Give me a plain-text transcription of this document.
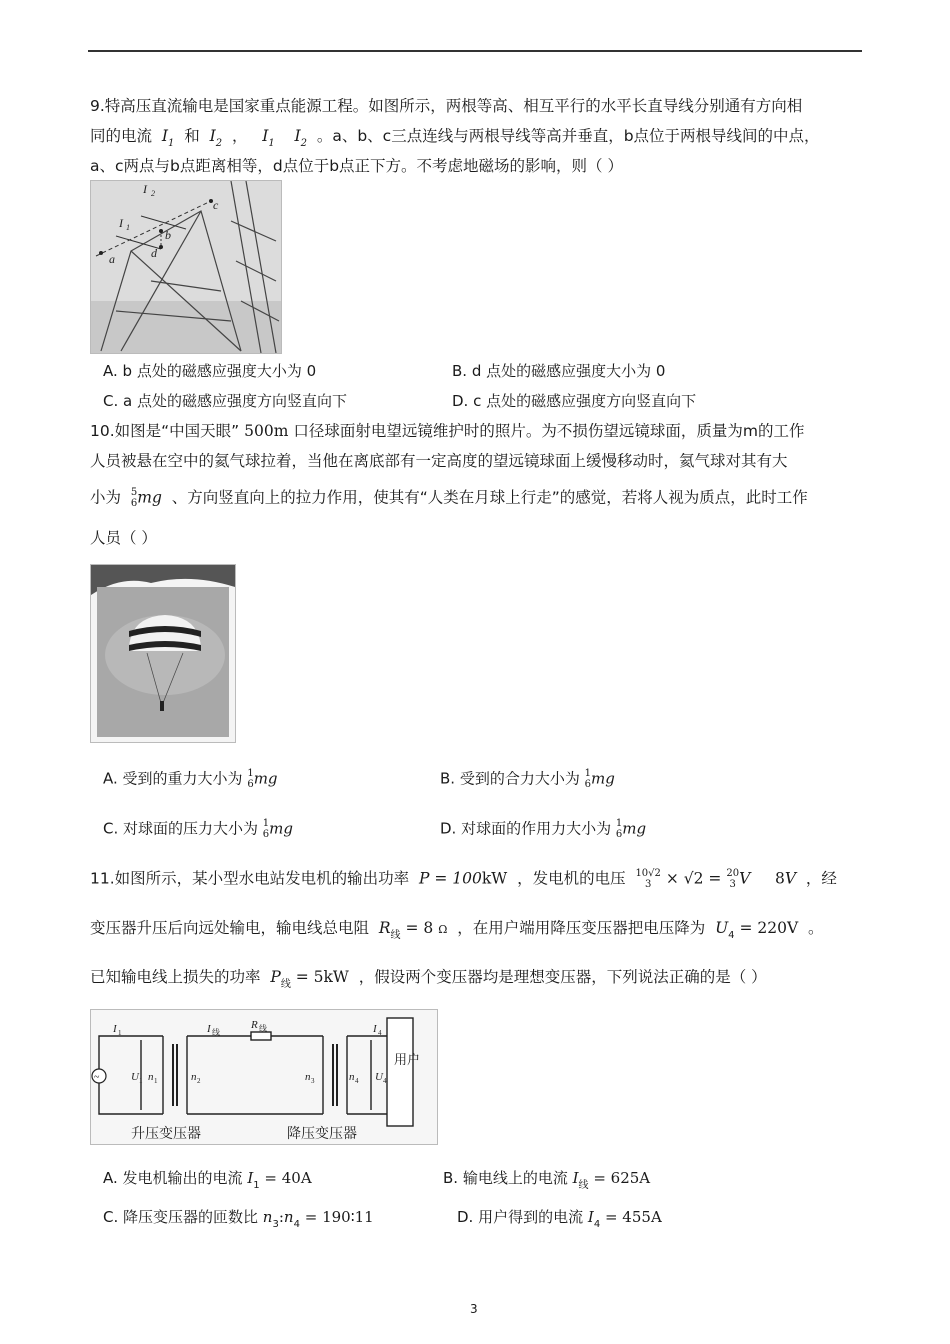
9.特高压直流输电是国家重点能源工程。如图所示，两根等高、相互平行的水平长直导线分别通有方向相
同的电流 $I_1$ 和 $I_2$ ， $I_1$ $I_2$ 。a、b、c三点连线与两根导线等高并垂直，b点位于两根导线间的中点，
a、c两点与b点距离相等，d点位于b点正下方。不考虑地磁场的影响，则（ ）
I 2
I 1
c
b
d
a
A. b 点处的磁感应强度大小为 0	B. d 点处的磁感应强度大小为 0
C. a 点处的磁感应强度方向竖直向下	D. c 点处的磁感应强度方向竖直向下
10.如图是“中国天眼” 500m 口径球面射电望远镜维护时的照片。为不损伤望远镜球面，质量为m的工作
人员被悬在空中的氦气球拉着，当他在离底部有一定高度的望远镜球面上缓慢移动时，氦气球对其有大
小为 5
6 mg 、方向竖直向上的拉力作用，使其有“人类在月球上行走”的感觉，若将人视为质点，此时工作
人员（ ）
A. 受到的重力大小为 1
6 mg	B. 受到的合力大小为 1
6 mg
C. 对球面的压力大小为 1
6 mg	D. 对球面的作用力大小为 1
6 mg
11.如图所示，某小型水电站发电机的输出功率 P = 100kW ，发电机的电压 10√2
3 × √2 = 20
3 V 8V ，经
变压器升压后向远处输电，输电线总电阻 $R_线 = 8$ Ω ，在用户端用降压变压器把电压降为 $U_4 = 220V$ 。
已知输电线上损失的功率 $P_线 = 5kW$ ，假设两个变压器均是理想变压器，下列说法正确的是（ ）
~
I 1	I 线
R 线	I 4
U 1 n 1	n 2	n 3	n 4 U 4
用户
升压变压器	降压变压器
A. 发电机输出的电流 $I_1 = 40A$	B. 输电线上的电流 $I_线 = 625A$
C. 降压变压器的匝数比 $n_3:n_4$ = 190∶11	D. 用户得到的电流 $I_4 = 455A$
3
